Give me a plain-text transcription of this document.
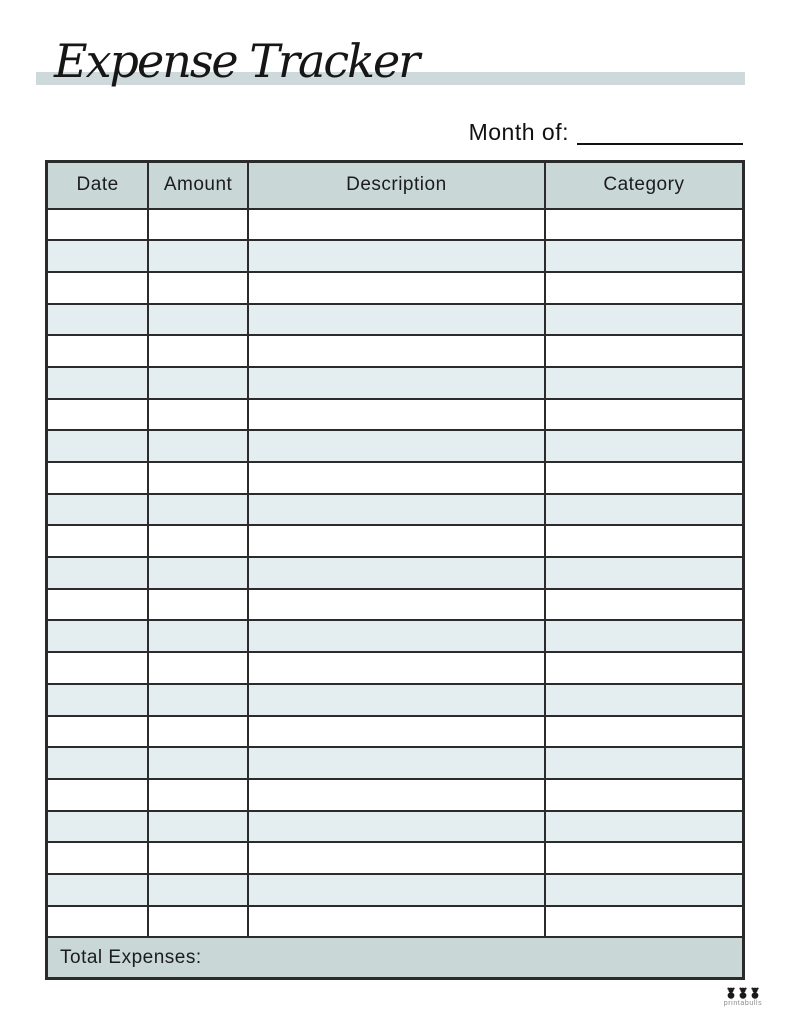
Expense Tracker
Month of:
Date	Amount	Description	Category

Total Expenses:			
printabulls
